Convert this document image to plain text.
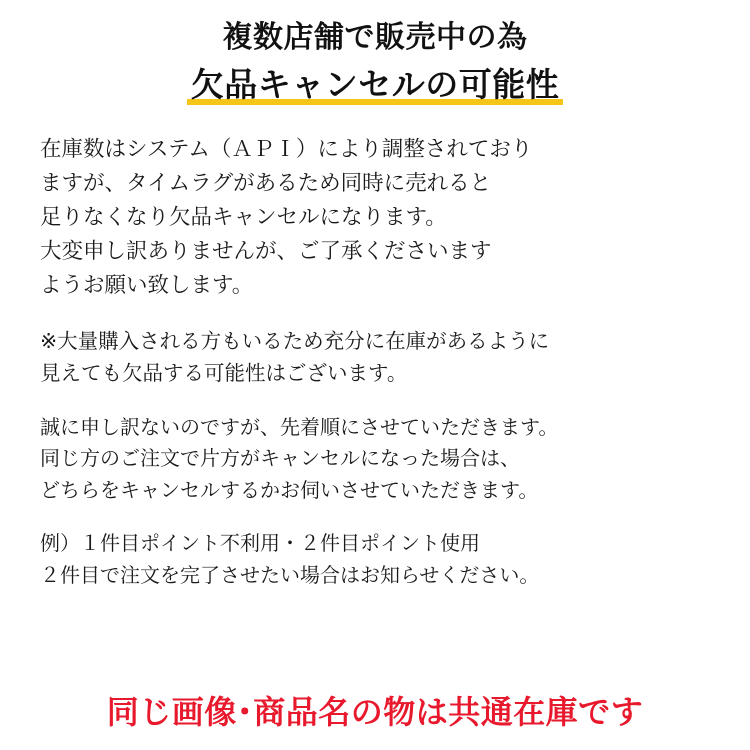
複数店舗で販売中の為
欠品キャンセルの可能性
在庫数はシステム（ＡＰＩ）により調整されており
ますが、タイムラグがあるため同時に売れると
足りなくなり欠品キャンセルになります。
大変申し訳ありませんが、ご了承くださいます
ようお願い致します。
※大量購入される方もいるため充分に在庫があるように
見えても欠品する可能性はございます。
誠に申し訳ないのですが、先着順にさせていただきます。
同じ方のご注文で片方がキャンセルになった場合は、
どちらをキャンセルするかお伺いさせていただきます。
例）１件目ポイント不利用・２件目ポイント使用
２件目で注文を完了させたい場合はお知らせください。
同じ画像･商品名の物は共通在庫です
